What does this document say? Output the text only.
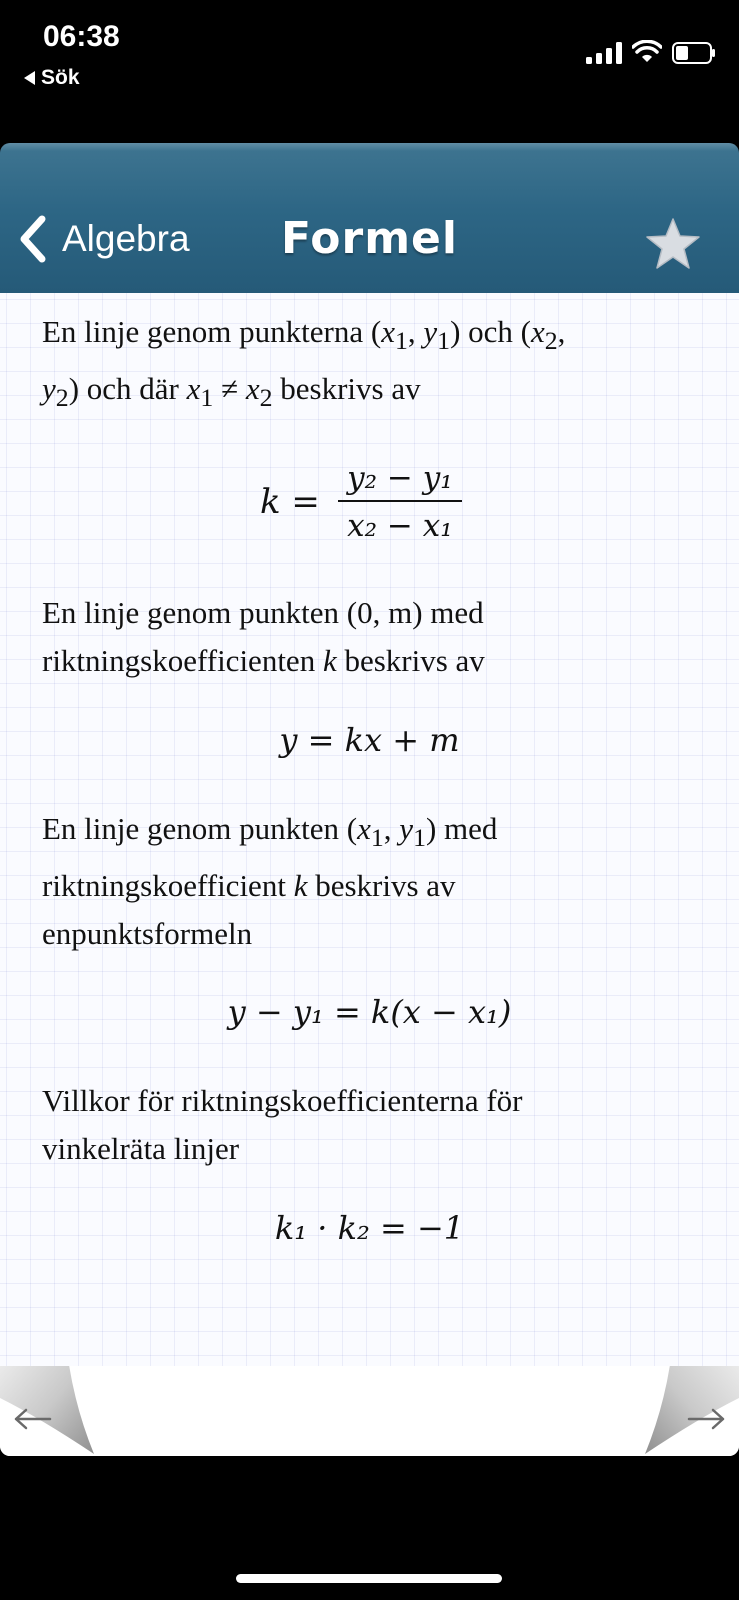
06:38
Sök
Algebra	Formel
En linje genom punkterna ($x_1$, $y_1$) och ($x_2$,
$y_2$) och där $x_1 \ne x_2$ beskrivs av
$k = \frac{\text{y₂ − y₁}}{\text{x₂ − x₁}}$
En linje genom punkten (0, m) med
riktningskoefficienten k beskrivs av
y = kx + m
En linje genom punkten ($x_1$, $y_1$) med
riktningskoefficient k beskrivs av
enpunktsformeln
y − y₁ = k(x − x₁)
Villkor för riktningskoefficienterna för
vinkelräta linjer
k₁ · k₂ = −1
